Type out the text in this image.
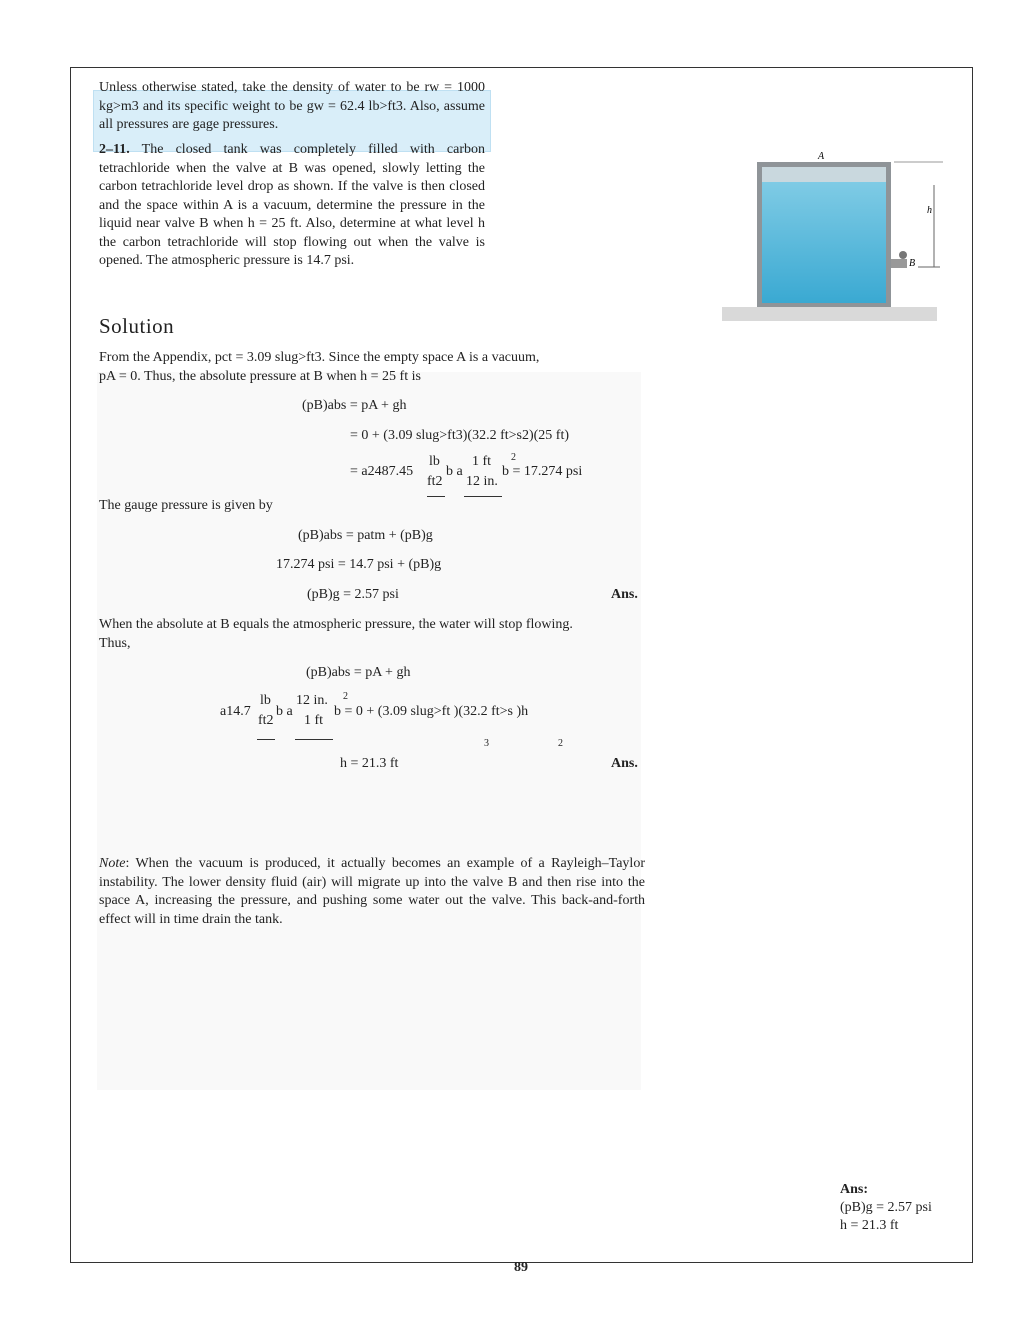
Unless otherwise stated, take the density of water to be rw = 1000 kg>m3 and its specific weight to be gw = 62.4 lb>ft3. Also, assume all pressures are gage pressures.
2–11. The closed tank was completely filled with carbon tetrachloride when the valve at B was opened, slowly letting the carbon tetrachloride level drop as shown. If the valve is then closed and the space within A is a vacuum, determine the pressure in the liquid near valve B when h = 25 ft. Also, determine at what level h the carbon tetrachloride will stop flowing out when the valve is opened. The atmospheric pressure is 14.7 psi.
A
h
B
Solution
From the Appendix, pct = 3.09 slug>ft3. Since the empty space A is a vacuum,
pA = 0. Thus, the absolute pressure at B when h = 25 ft is
(pB)abs = pA + gh
= 0 + (3.09 slug>ft3)(32.2 ft>s2)(25 ft)
= a2487.45
lb
ft2
b a
1 ft
12 in.
2
b = 17.274 psi
The gauge pressure is given by
(pB)abs = patm + (pB)g
17.274 psi = 14.7 psi + (pB)g
(pB)g = 2.57 psi	Ans.
When the absolute at B equals the atmospheric pressure, the water will stop flowing.
Thus,
(pB)abs = pA + gh
a14.7
lb
ft2
b a
12 in.
1 ft
2
b = 0 + (3.09 slug>ft )(32.2 ft>s )h
3	2
h = 21.3 ft	Ans.
Note: When the vacuum is produced, it actually becomes an example of a Rayleigh–Taylor instability. The lower density fluid (air) will migrate up into the valve B and then rise into the space A, increasing the pressure, and pushing some water out the valve. This back-and-forth effect will in time drain the tank.
Ans:
(pB)g = 2.57 psi
h = 21.3 ft
89
